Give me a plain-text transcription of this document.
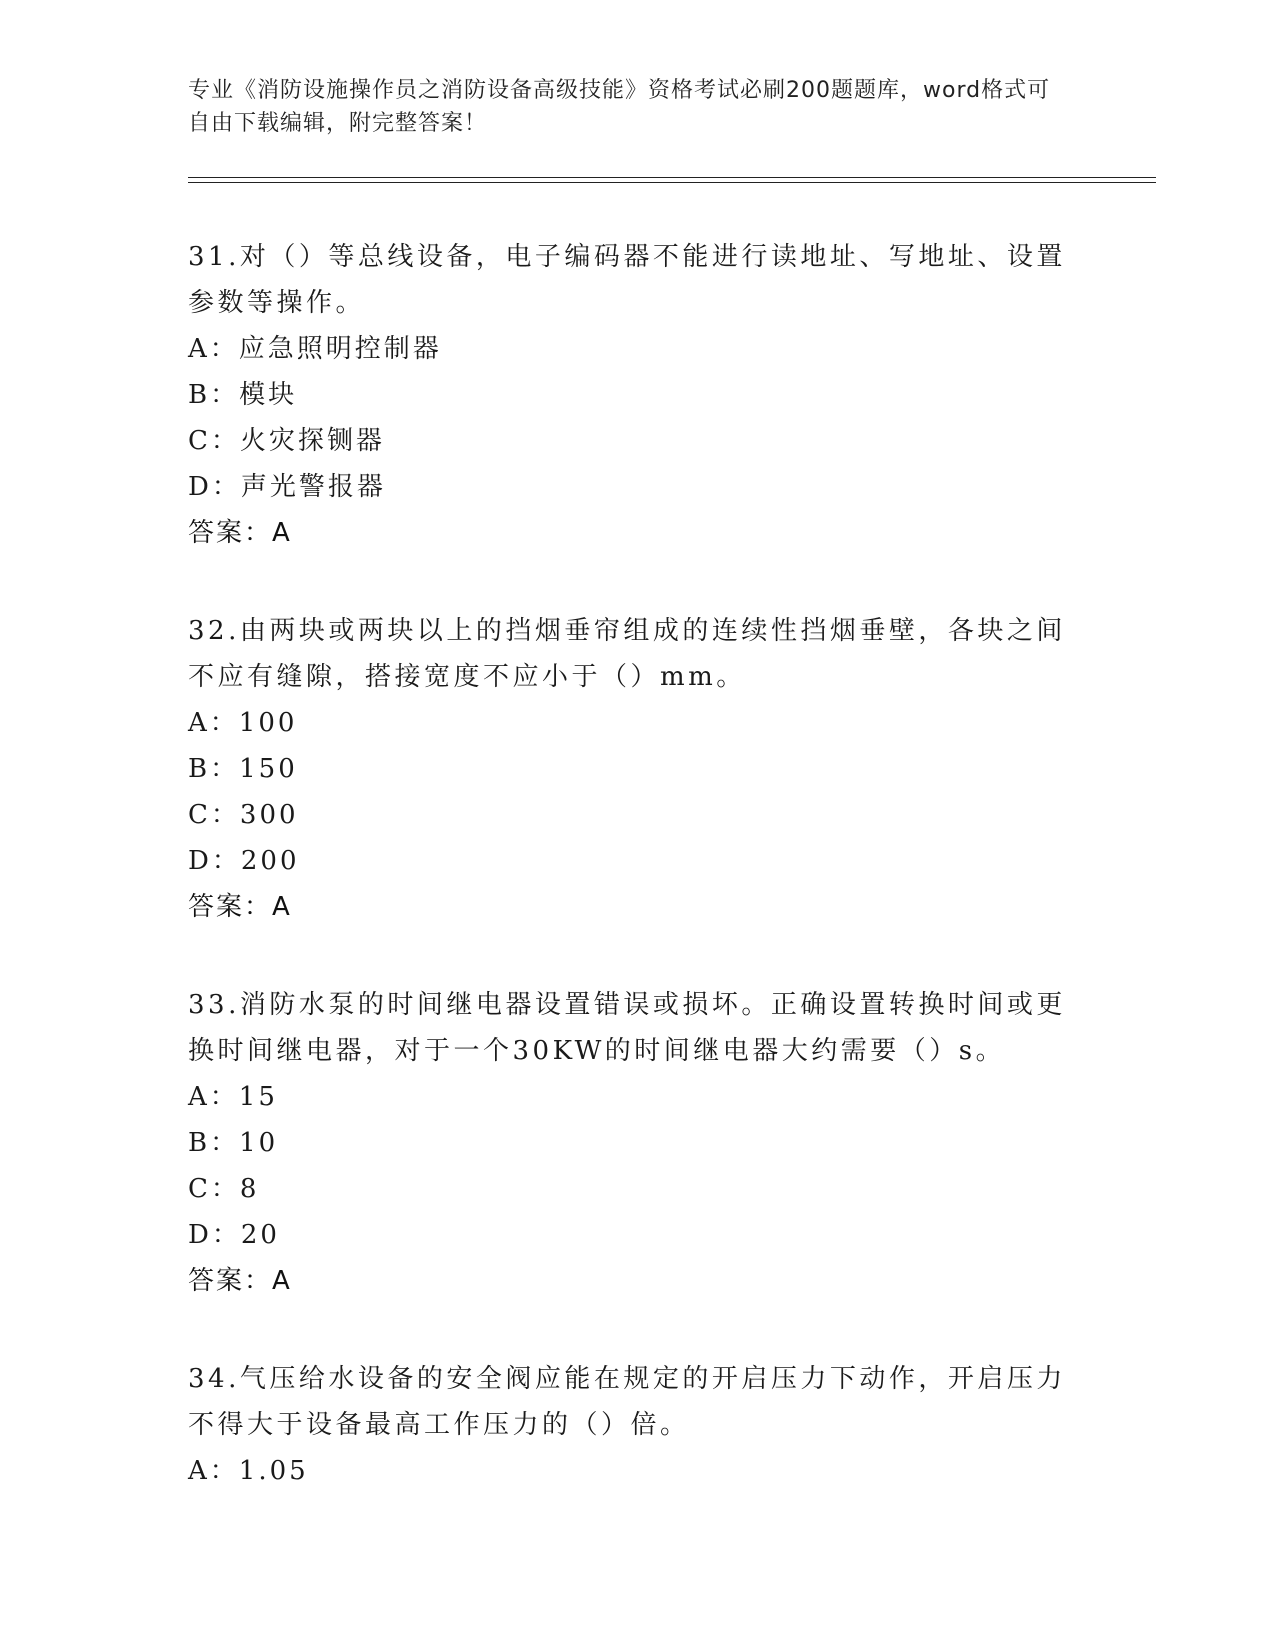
专业《消防设施操作员之消防设备高级技能》资格考试必刷200题题库，word格式可自由下载编辑，附完整答案！
31.对（）等总线设备，电子编码器不能进行读地址、写地址、设置参数等操作。
A：应急照明控制器
B：模块
C：火灾探铡器
D：声光警报器
答案：A
32.由两块或两块以上的挡烟垂帘组成的连续性挡烟垂壁，各块之间不应有缝隙，搭接宽度不应小于（）mm。
A：100
B：150
C：300
D：200
答案：A
33.消防水泵的时间继电器设置错误或损坏。正确设置转换时间或更换时间继电器，对于一个30KW的时间继电器大约需要（）s。
A：15
B：10
C：8
D：20
答案：A
34.气压给水设备的安全阀应能在规定的开启压力下动作，开启压力不得大于设备最高工作压力的（）倍。
A：1.05
